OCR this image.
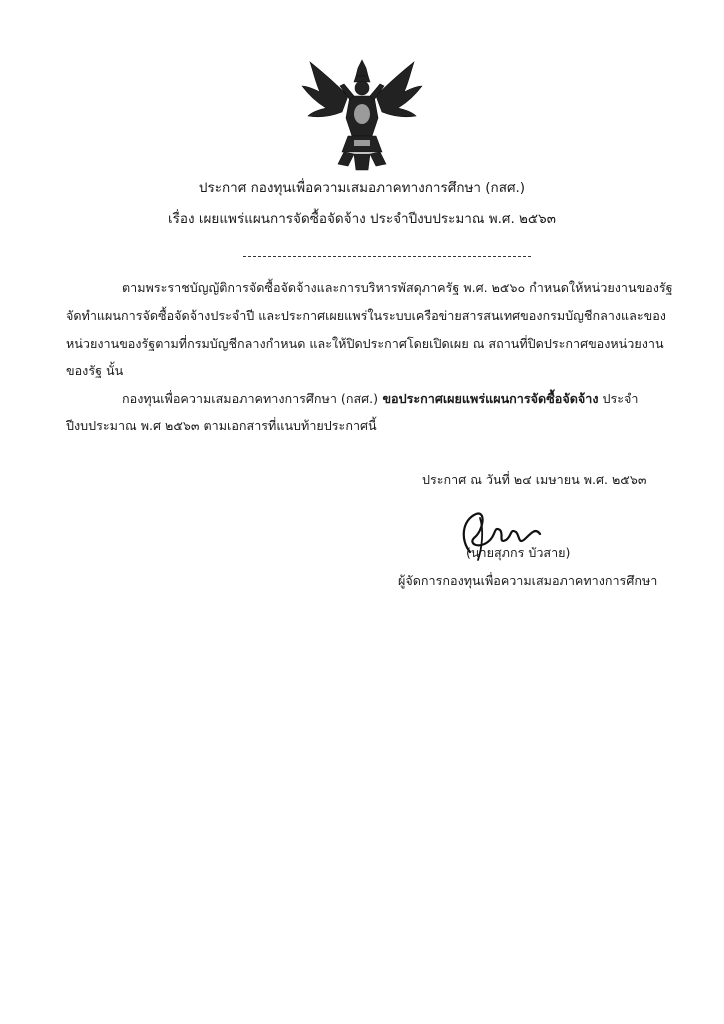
ประกาศ กองทุนเพื่อความเสมอภาคทางการศึกษา (กสศ.)
เรื่อง เผยแพร่แผนการจัดซื้อจัดจ้าง ประจำปีงบประมาณ พ.ศ. ๒๕๖๓
ตามพระราชบัญญัติการจัดซื้อจัดจ้างและการบริหารพัสดุภาครัฐ พ.ศ. ๒๕๖๐ กำหนดให้หน่วยงานของรัฐ
จัดทำแผนการจัดซื้อจัดจ้างประจำปี และประกาศเผยแพร่ในระบบเครือข่ายสารสนเทศของกรมบัญชีกลางและของ
หน่วยงานของรัฐตามที่กรมบัญชีกลางกำหนด และให้ปิดประกาศโดยเปิดเผย ณ สถานที่ปิดประกาศของหน่วยงาน
ของรัฐ นั้น
กองทุนเพื่อความเสมอภาคทางการศึกษา (กสศ.) ขอประกาศเผยแพร่แผนการจัดซื้อจัดจ้าง ประจำ
ปีงบประมาณ พ.ศ ๒๕๖๓ ตามเอกสารที่แนบท้ายประกาศนี้
ประกาศ ณ วันที่ ๒๔ เมษายน พ.ศ. ๒๕๖๓
(นายสุภกร บัวสาย)
ผู้จัดการกองทุนเพื่อความเสมอภาคทางการศึกษา
